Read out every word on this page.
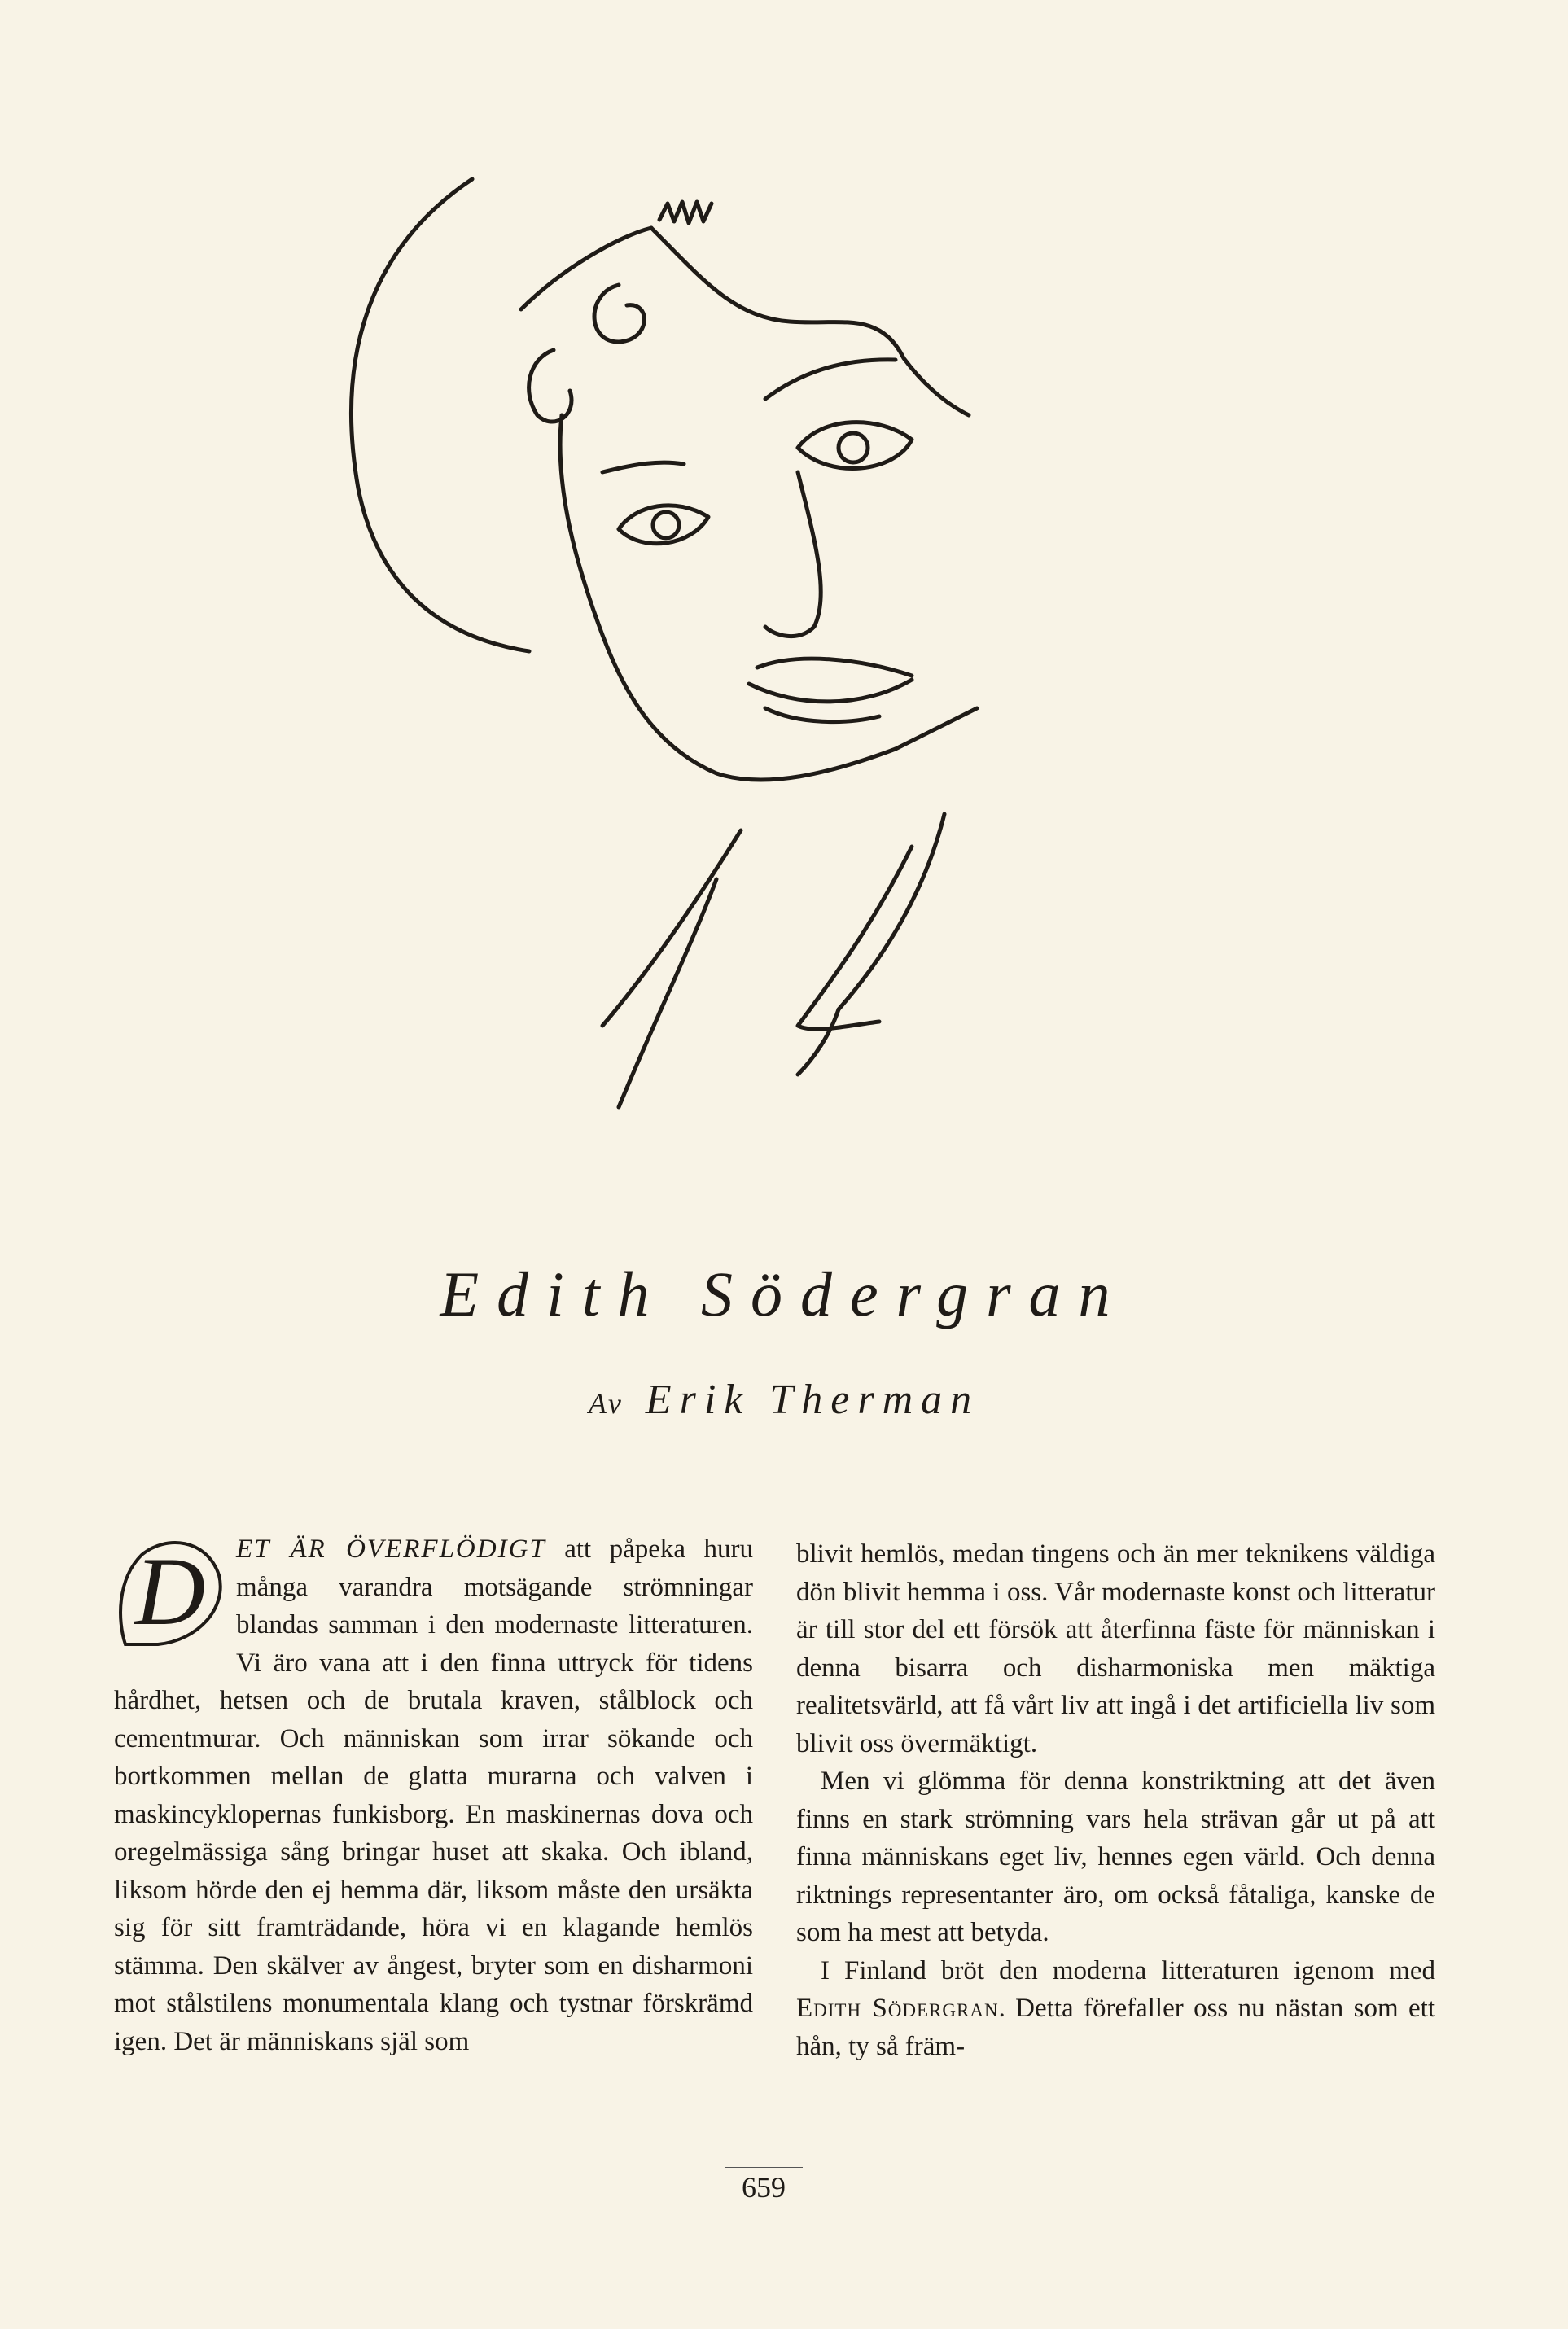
Edith Södergran
Av Erik Therman
D	ET ÄR ÖVERFLÖDIGT att påpeka huru många varandra motsägande strömningar blandas samman i den modernaste litteraturen. Vi äro vana att i den finna uttryck för tidens hårdhet, hetsen och de brutala kraven, stålblock och cementmurar. Och människan som irrar sökande och bortkommen mellan de glatta murarna och valven i maskincyklopernas funkisborg. En maskinernas dova och oregelmässiga sång bringar huset att skaka. Och ibland, liksom hörde den ej hemma där, liksom måste den ursäkta sig för sitt framträdande, höra vi en klagande hemlös stämma. Den skälver av ångest, bryter som en disharmoni mot stålstilens monumentala klang och tystnar förskrämd igen. Det är människans själ som

blivit hemlös, medan tingens och än mer teknikens väldiga dön blivit hemma i oss. Vår modernaste konst och litteratur är till stor del ett försök att återfinna fäste för människan i denna bisarra och disharmoniska men mäktiga realitetsvärld, att få vårt liv att ingå i det artificiella liv som blivit oss övermäktigt.

Men vi glömma för denna konstriktning att det även finns en stark strömning vars hela strävan går ut på att finna människans eget liv, hennes egen värld. Och denna riktnings representanter äro, om också fåtaliga, kanske de som ha mest att betyda.

I Finland bröt den moderna litteraturen igenom med Edith Södergran. Detta förefaller oss nu nästan som ett hån, ty så främ-

659
